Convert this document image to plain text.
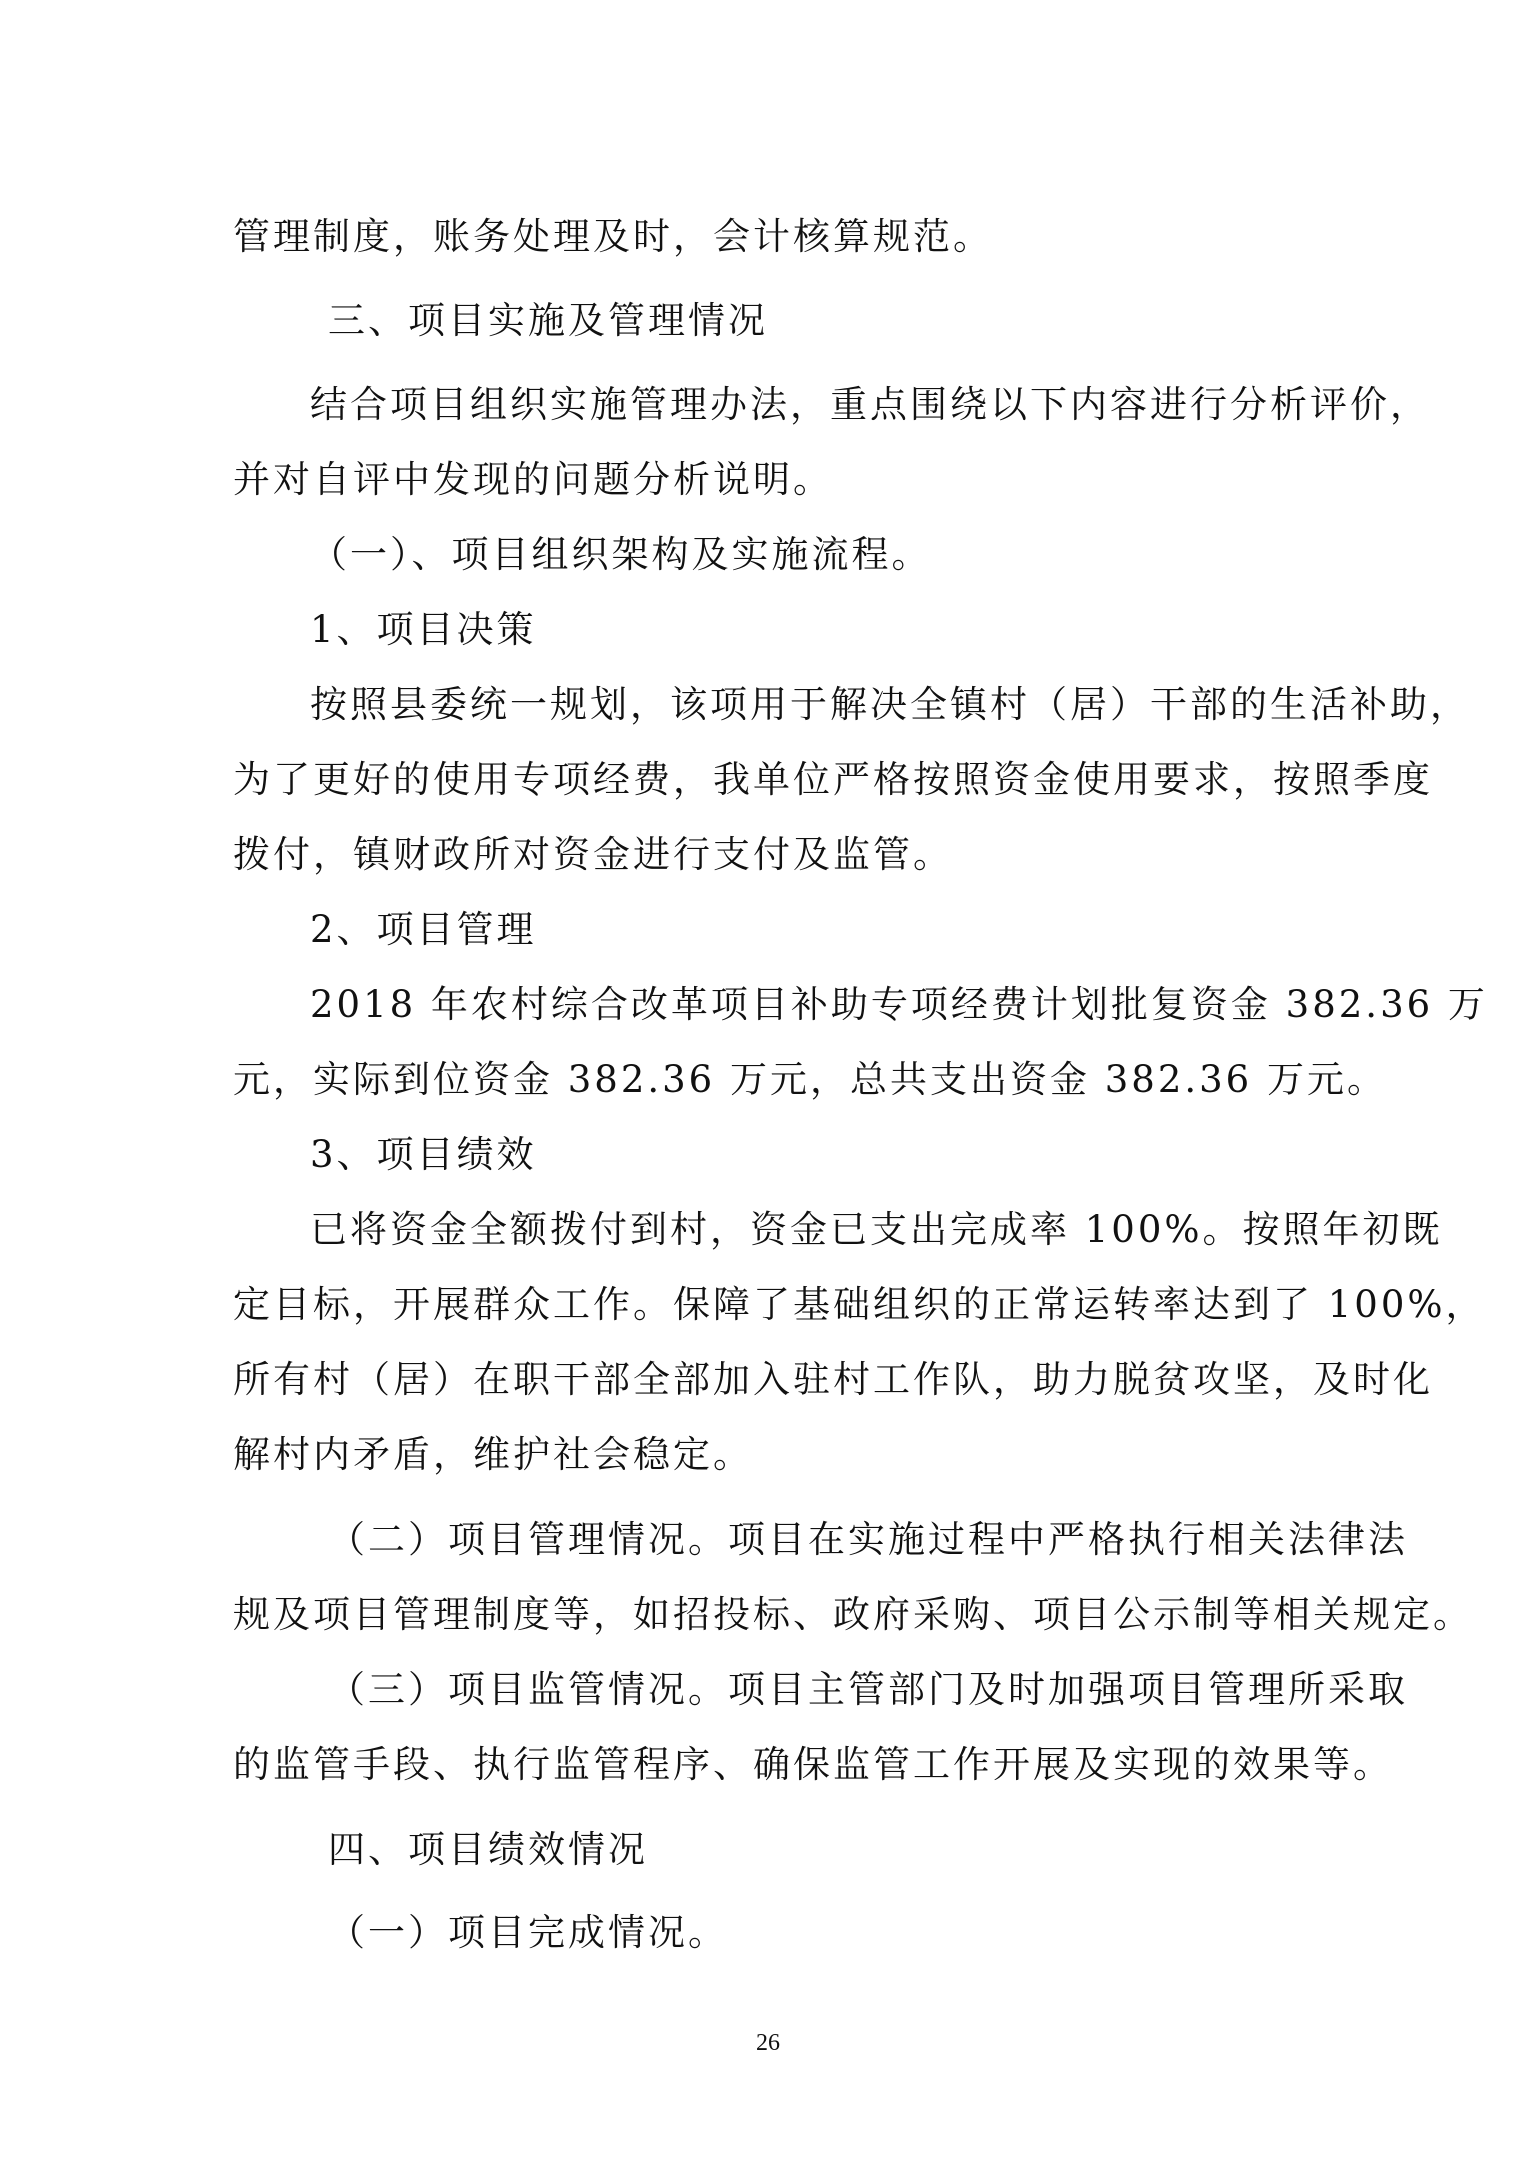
管理制度，账务处理及时，会计核算规范。
三、项目实施及管理情况
结合项目组织实施管理办法，重点围绕以下内容进行分析评价，
并对自评中发现的问题分析说明。
（一）、项目组织架构及实施流程。
1、项目决策
按照县委统一规划，该项用于解决全镇村（居）干部的生活补助，
为了更好的使用专项经费，我单位严格按照资金使用要求，按照季度
拨付，镇财政所对资金进行支付及监管。
2、项目管理
2018 年农村综合改革项目补助专项经费计划批复资金 382.36 万
元，实际到位资金 382.36 万元，总共支出资金 382.36 万元。
3、项目绩效
已将资金全额拨付到村，资金已支出完成率 100%。按照年初既
定目标，开展群众工作。保障了基础组织的正常运转率达到了 100%，
所有村（居）在职干部全部加入驻村工作队，助力脱贫攻坚，及时化
解村内矛盾，维护社会稳定。
（二）项目管理情况。项目在实施过程中严格执行相关法律法
规及项目管理制度等，如招投标、政府采购、项目公示制等相关规定。
（三）项目监管情况。项目主管部门及时加强项目管理所采取
的监管手段、执行监管程序、确保监管工作开展及实现的效果等。
四、项目绩效情况
（一）项目完成情况。
26
